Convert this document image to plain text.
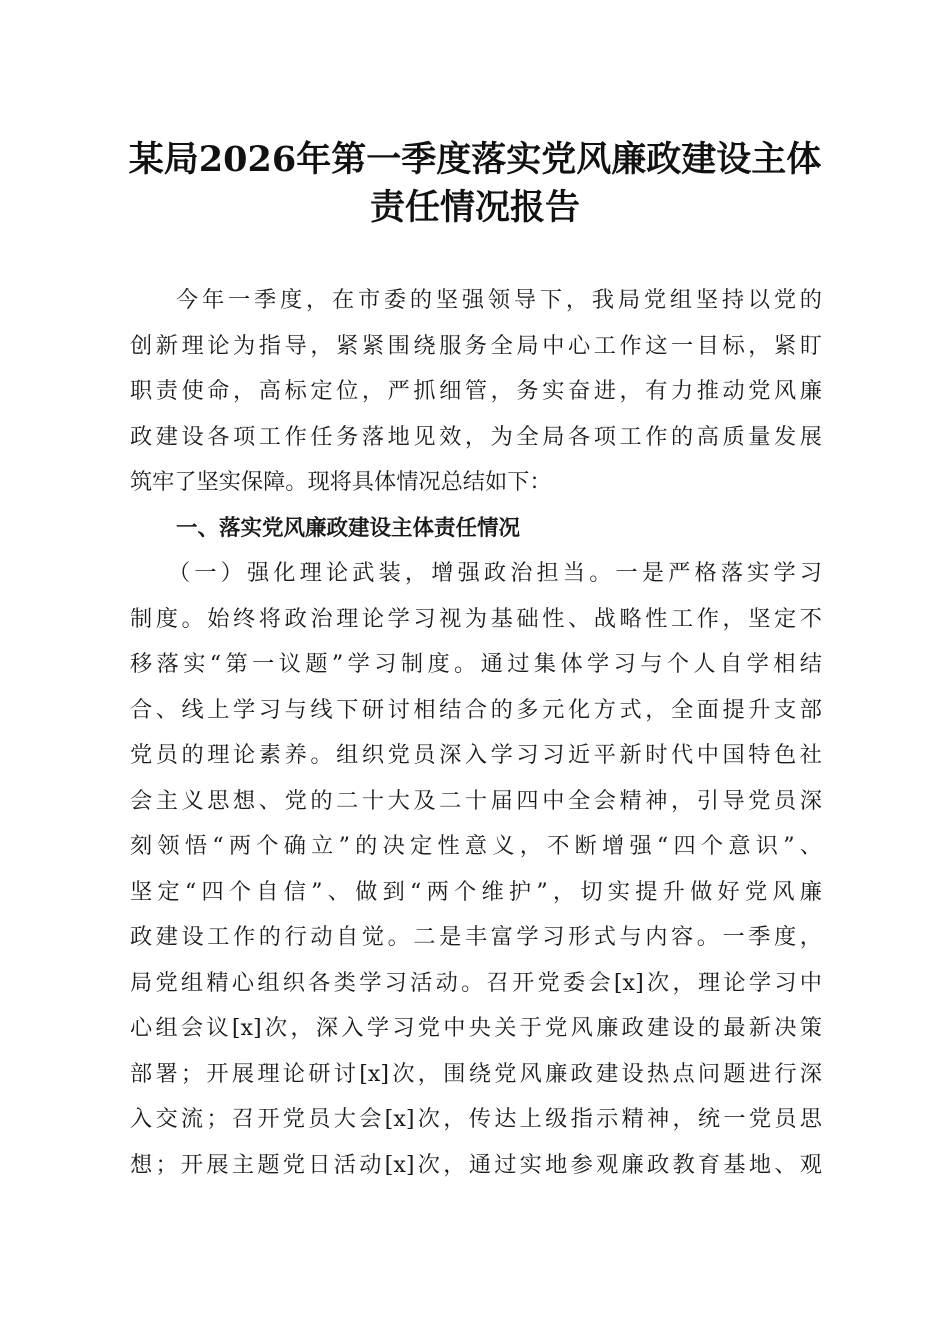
某局2026年第一季度落实党风廉政建设主体
责任情况报告
今年一季度，在市委的坚强领导下，我局党组坚持以党的
创新理论为指导，紧紧围绕服务全局中心工作这一目标，紧盯
职责使命，高标定位，严抓细管，务实奋进，有力推动党风廉
政建设各项工作任务落地见效，为全局各项工作的高质量发展
筑牢了坚实保障。现将具体情况总结如下：
一、落实党风廉政建设主体责任情况
（一）强化理论武装，增强政治担当。一是严格落实学习
制度。始终将政治理论学习视为基础性、战略性工作，坚定不
移落实“第一议题”学习制度。通过集体学习与个人自学相结
合、线上学习与线下研讨相结合的多元化方式，全面提升支部
党员的理论素养。组织党员深入学习习近平新时代中国特色社
会主义思想、党的二十大及二十届四中全会精神，引导党员深
刻领悟“两个确立”的决定性意义，不断增强“四个意识”、
坚定“四个自信”、做到“两个维护”，切实提升做好党风廉
政建设工作的行动自觉。二是丰富学习形式与内容。一季度，
局党组精心组织各类学习活动。召开党委会[x]次，理论学习中
心组会议[x]次，深入学习党中央关于党风廉政建设的最新决策
部署；开展理论研讨[x]次，围绕党风廉政建设热点问题进行深
入交流；召开党员大会[x]次，传达上级指示精神，统一党员思
想；开展主题党日活动[x]次，通过实地参观廉政教育基地、观
